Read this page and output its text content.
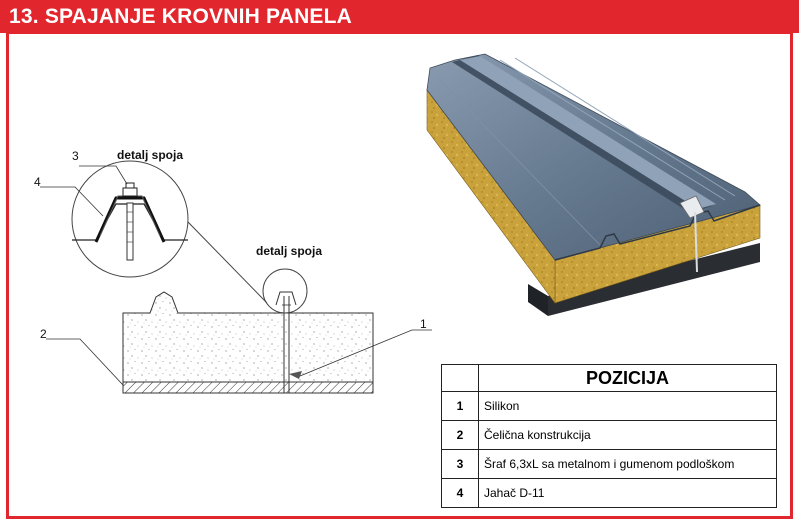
13. SPAJANJE KROVNIH PANELA
3
4
2
1
detalj spoja
detalj spoja
	POZICIJA
1	Silikon
2	Čelična konstrukcija
3	Šraf 6,3xL sa metalnom i gumenom podloškom
4	Jahač D-11
